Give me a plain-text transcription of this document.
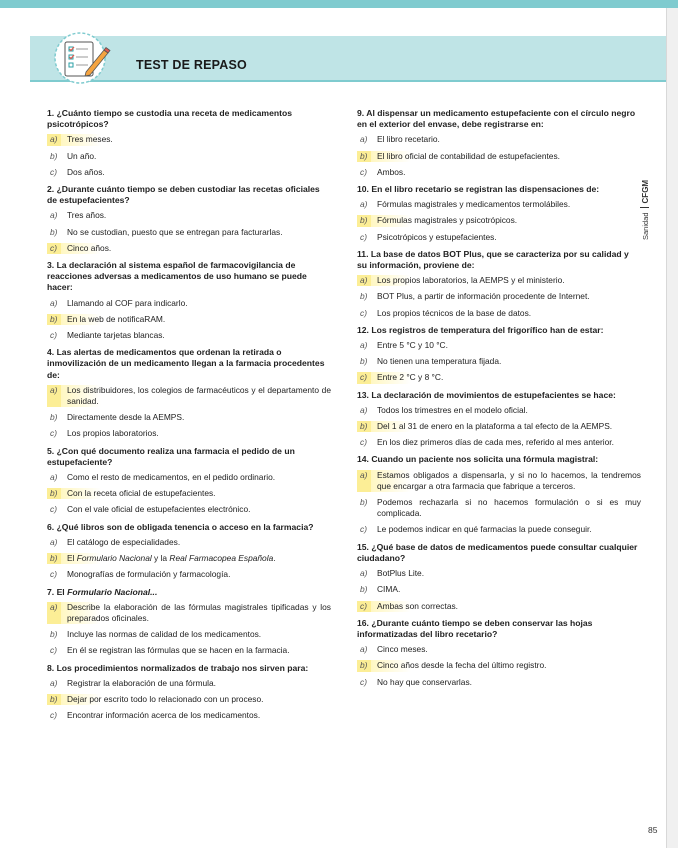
TEST DE REPASO
SanidadCFGM
1. ¿Cuánto tiempo se custodia una receta de medicamentos psicotrópicos?
a)	Tres meses.
b)	Un año.
c)	Dos años.
2. ¿Durante cuánto tiempo se deben custodiar las recetas oficiales de estupefacientes?
a)	Tres años.
b)	No se custodian, puesto que se entregan para facturarlas.
c)	Cinco años.
3. La declaración al sistema español de farmacovigilancia de reacciones adversas a medicamentos de uso humano se puede hacer:
a)	Llamando al COF para indicarlo.
b)	En la web de notificaRAM.
c)	Mediante tarjetas blancas.
4. Las alertas de medicamentos que ordenan la retirada o inmovilización de un medicamento llegan a la farmacia procedentes de:
a)	Los distribuidores, los colegios de farmacéuticos y el departamento de sanidad.
b)	Directamente desde la AEMPS.
c)	Los propios laboratorios.
5. ¿Con qué documento realiza una farmacia el pedido de un estupefaciente?
a)	Como el resto de medicamentos, en el pedido ordinario.
b)	Con la receta oficial de estupefacientes.
c)	Con el vale oficial de estupefacientes electrónico.
6. ¿Qué libros son de obligada tenencia o acceso en la farmacia?
a)	El catálogo de especialidades.
b)	El Formulario Nacional y la Real Farmacopea Española.
c)	Monografías de formulación y farmacología.
7. El Formulario Nacional...
a)	Describe la elaboración de las fórmulas magistrales tipificadas y los preparados oficinales.
b)	Incluye las normas de calidad de los medicamentos.
c)	En él se registran las fórmulas que se hacen en la farmacia.
8. Los procedimientos normalizados de trabajo nos sirven para:
a)	Registrar la elaboración de una fórmula.
b)	Dejar por escrito todo lo relacionado con un proceso.
c)	Encontrar información acerca de los medicamentos.
9. Al dispensar un medicamento estupefaciente con el círculo negro en el exterior del envase, debe registrarse en:
a)	El libro recetario.
b)	El libro oficial de contabilidad de estupefacientes.
c)	Ambos.
10. En el libro recetario se registran las dispensaciones de:
a)	Fórmulas magistrales y medicamentos termolábiles.
b)	Fórmulas magistrales y psicotrópicos.
c)	Psicotrópicos y estupefacientes.
11. La base de datos BOT Plus, que se caracteriza por su calidad y su información, proviene de:
a)	Los propios laboratorios, la AEMPS y el ministerio.
b)	BOT Plus, a partir de información procedente de Internet.
c)	Los propios técnicos de la base de datos.
12. Los registros de temperatura del frigorífico han de estar:
a)	Entre 5 °C y 10 °C.
b)	No tienen una temperatura fijada.
c)	Entre 2 °C y 8 °C.
13. La declaración de movimientos de estupefacientes se hace:
a)	Todos los trimestres en el modelo oficial.
b)	Del 1 al 31 de enero en la plataforma a tal efecto de la AEMPS.
c)	En los diez primeros días de cada mes, referido al mes anterior.
14. Cuando un paciente nos solicita una fórmula magistral:
a)	Estamos obligados a dispensarla, y si no lo hacemos, la tendremos que encargar a otra farmacia que fabrique a terceros.
b)	Podemos rechazarla si no hacemos formulación o si es muy complicada.
c)	Le podemos indicar en qué farmacias la puede conseguir.
15. ¿Qué base de datos de medicamentos puede consultar cualquier ciudadano?
a)	BotPlus Lite.
b)	CIMA.
c)	Ambas son correctas.
16. ¿Durante cuánto tiempo se deben conservar las hojas informatizadas del libro recetario?
a)	Cinco meses.
b)	Cinco años desde la fecha del último registro.
c)	No hay que conservarlas.
85
